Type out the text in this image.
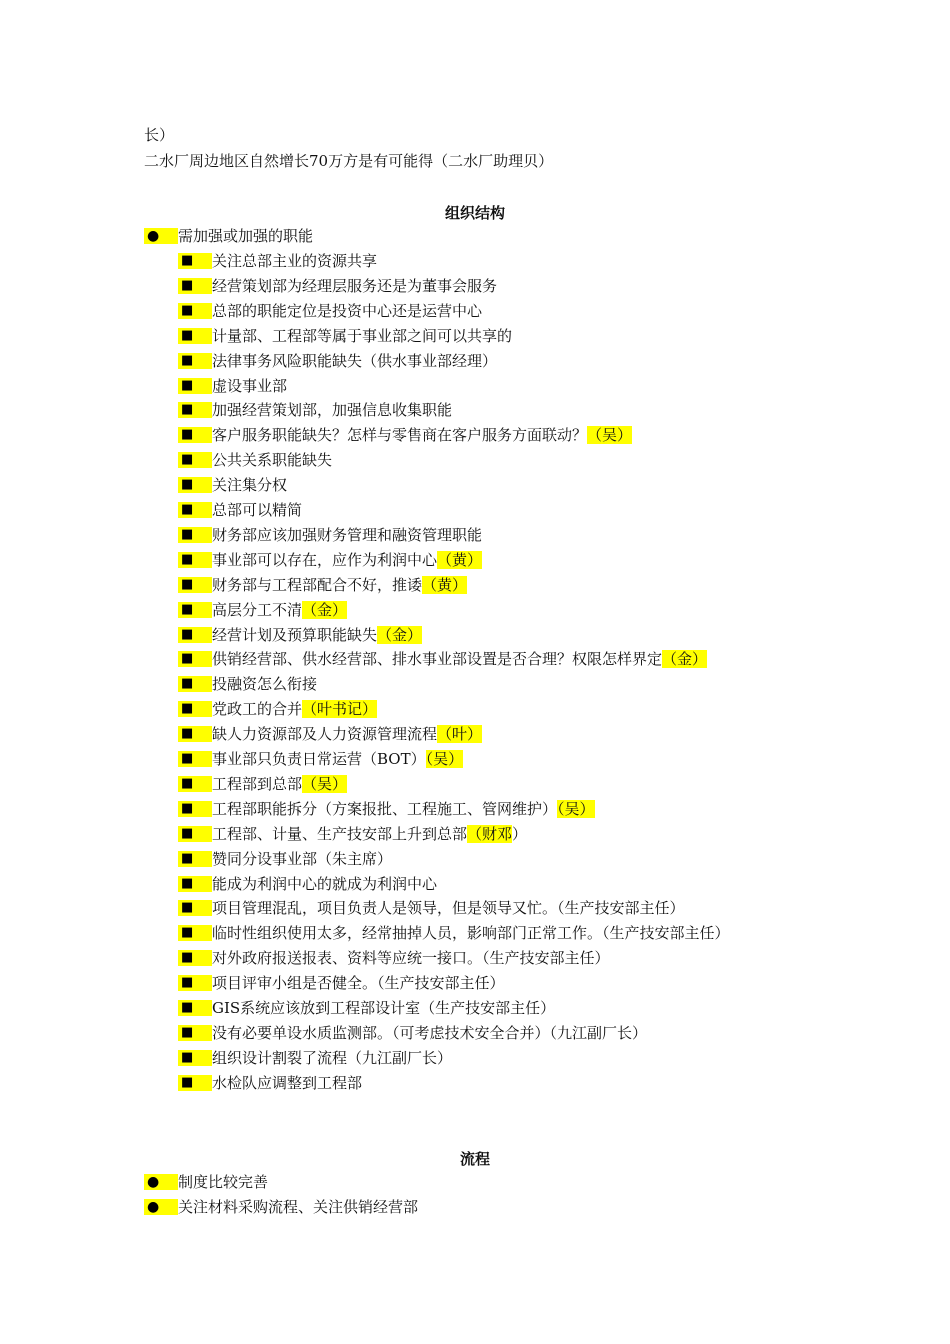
长）
二水厂周边地区自然增长70万方是有可能得（二水厂助理贝）
组织结构
● 需加强或加强的职能
■ 关注总部主业的资源共享
■ 经营策划部为经理层服务还是为董事会服务
■ 总部的职能定位是投资中心还是运营中心
■ 计量部、工程部等属于事业部之间可以共享的
■ 法律事务风险职能缺失（供水事业部经理）
■ 虚设事业部
■ 加强经营策划部，加强信息收集职能
■ 客户服务职能缺失？怎样与零售商在客户服务方面联动？（吴）
■ 公共关系职能缺失
■ 关注集分权
■ 总部可以精简
■ 财务部应该加强财务管理和融资管理职能
■ 事业部可以存在，应作为利润中心（黄）
■ 财务部与工程部配合不好，推诿（黄）
■ 高层分工不清（金）
■ 经营计划及预算职能缺失（金）
■ 供销经营部、供水经营部、排水事业部设置是否合理？权限怎样界定（金）
■ 投融资怎么衔接
■ 党政工的合并（叶书记）
■ 缺人力资源部及人力资源管理流程（叶）
■ 事业部只负责日常运营（BOT）（吴）
■ 工程部到总部（吴）
■ 工程部职能拆分（方案报批、工程施工、管网维护）（吴）
■ 工程部、计量、生产技安部上升到总部（财邓）
■ 赞同分设事业部（朱主席）
■ 能成为利润中心的就成为利润中心
■ 项目管理混乱，项目负责人是领导，但是领导又忙。（生产技安部主任）
■ 临时性组织使用太多，经常抽掉人员，影响部门正常工作。（生产技安部主任）
■ 对外政府报送报表、资料等应统一接口。（生产技安部主任）
■ 项目评审小组是否健全。（生产技安部主任）
■ GIS系统应该放到工程部设计室（生产技安部主任）
■ 没有必要单设水质监测部。（可考虑技术安全合并）（九江副厂长）
■ 组织设计割裂了流程（九江副厂长）
■ 水检队应调整到工程部
流程
● 制度比较完善
● 关注材料采购流程、关注供销经营部
